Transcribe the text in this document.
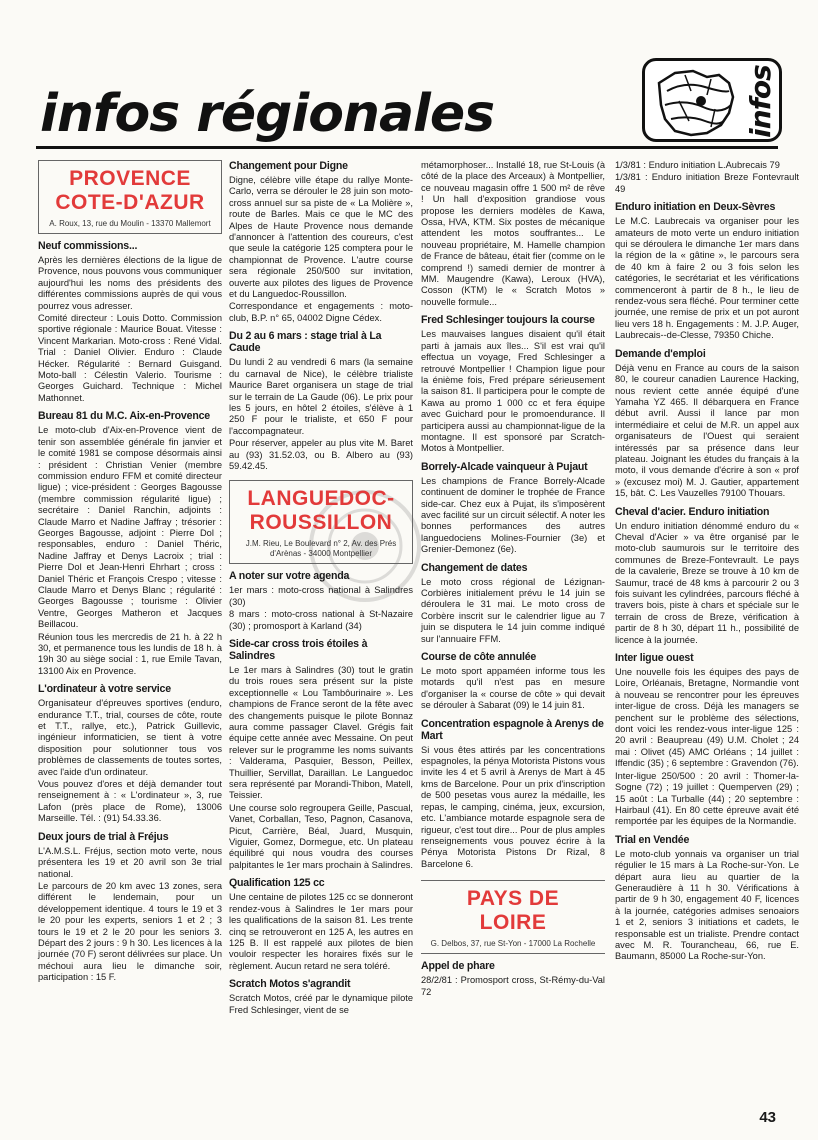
infos régionales	infos
PROVENCE
COTE-D'AZUR
A. Roux, 13, rue du Moulin - 13370 Mallemort
Neuf commissions...

Après les dernières élections de la ligue de Provence, nous pouvons vous communiquer aujourd'hui les noms des présidents des différentes commissions auprès de qui vous pourrez vous adresser.

Comité directeur : Louis Dotto. Commission sportive régionale : Maurice Bouat. Vitesse : Vincent Markarian. Moto-cross : René Vidal. Trial : Daniel Olivier. Enduro : Claude Hécker. Régularité : Bernard Guisgand. Moto-ball : Célestin Valerio. Tourisme : Georges Guichard. Technique : Michel Mathonnet.

Bureau 81 du M.C. Aix-en-Provence

Le moto-club d'Aix-en-Provence vient de tenir son assemblée générale fin janvier et le comité 1981 se compose désormais ainsi : président : Christian Venier (membre commission enduro FFM et comité directeur ligue) ; vice-président : Georges Bagousse (membre commission régularité ligue) ; secrétaire : Daniel Ranchin, adjoints : Claude Marro et Nadine Jaffray ; trésorier : Georges Bagousse, adjoint : Pierre Dol ; responsables, enduro : Daniel Théric, Nadine Jaffray et Denys Lacroix ; trial : Pierre Dol et Jean-Henri Ehrhart ; cross : Daniel Théric et François Crespo ; vitesse : Claude Marro et Denys Blanc ; régularité : Georges Bagousse ; tourisme : Olivier Ventre, Georges Matheron et Jacques Beillacou.

Réunion tous les mercredis de 21 h. à 22 h 30, et permanence tous les lundis de 18 h. à 19h 30 au siège social : 1, rue Emile Tavan, 13100 Aix en Provence.

L'ordinateur à votre service

Organisateur d'épreuves sportives (enduro, endurance T.T., trial, courses de côte, route et T.T., rallye, etc.), Patrick Guillevic, ingénieur informaticien, se tient à votre disposition pour solutionner tous vos problèmes de classements de toutes sortes, avec l'aide d'un ordinateur.

Vous pouvez d'ores et déjà demander tout renseignement à : « L'ordinateur », 3, rue Lafon (près place de Rome), 13006 Marseille. Tél. : (91) 54.33.36.

Deux jours de trial à Fréjus

L'A.M.S.L. Fréjus, section moto verte, nous présentera les 19 et 20 avril son 3e trial national.

Le parcours de 20 km avec 13 zones, sera différent le lendemain, pour un développement identique. 4 tours le 19 et 3 le 20 pour les experts, seniors 1 et 2 ; 3 tours le 19 et 2 le 20 pour les seniors 3. Départ des 2 jours : 9 h 30. Les licences à la journée (70 F) seront délivrées sur place. Un méchoui aura lieu le dimanche soir, participation : 15 F.

Changement pour Digne

Digne, célèbre ville étape du rallye Monte-Carlo, verra se dérouler le 28 juin son moto-cross annuel sur sa piste de « La Molière », route de Barles. Mais ce que le MC des Alpes de Haute Provence nous demande d'annoncer à l'attention des coureurs, c'est que seule la catégorie 125 comptera pour le championnat de Provence. L'autre course sera régionale 250/500 sur invitation, ouverte aux pilotes des ligues de Provence et du Languedoc-Roussillon.

Correspondance et engagements : moto-club, B.P. n° 65, 04002 Digne Cédex.

Du 2 au 6 mars : stage trial à La Caude

Du lundi 2 au vendredi 6 mars (la semaine du carnaval de Nice), le célèbre trialiste Maurice Baret organisera un stage de trial sur le terrain de La Gaude (06). Le prix pour les 5 jours, en hôtel 2 étoiles, s'élève à 1 250 F pour le trialiste, et 650 F pour l'accompagnateur.

Pour réserver, appeler au plus vite M. Baret au (93) 31.52.03, ou B. Albero au (93) 59.42.45.

LANGUEDOC-
ROUSSILLON
J.M. Rieu, Le Boulevard n° 2, Av. des Prés d'Arènas - 34000 Montpellier
A noter sur votre agenda

1er mars : moto-cross national à Salindres (30)

8 mars : moto-cross national à St-Nazaire (30) ; promosport à Karland (34)

Side-car cross trois étoiles à Salindres

Le 1er mars à Salindres (30) tout le gratin du trois roues sera présent sur la piste exceptionnelle « Lou Tambôurinaire ». Les champions de France seront de la fête avec des changements puisque le pilote Bonnaz aura comme passager Clavel. Grégis fait équipe cette année avec Messaine. On peut relever sur le programme les noms suivants : Valderama, Pasquier, Besson, Peillex, Thuillier, Servillat, Daraillan. Le Languedoc sera représenté par Morandi-Thibon, Matell, Teissier.

Une course solo regroupera Geille, Pascual, Vanet, Corballan, Teso, Pagnon, Casanova, Picut, Carrière, Béal, Juard, Musquin, Viguier, Gomez, Dormegue, etc. Un plateau équilibré qui nous voudra des courses palpitantes le 1er mars prochain à Salindres.

Qualification 125 cc

Une centaine de pilotes 125 cc se donneront rendez-vous à Salindres le 1er mars pour les qualifications de la saison 81. Les trente cinq se retrouveront en 125 A, les autres en 125 B. Il est rappelé aux pilotes de bien vouloir respecter les horaires fixés sur le règlement. Aucun retard ne sera toléré.

Scratch Motos s'agrandit

Scratch Motos, créé par le dynamique pilote Fred Schlesinger, vient de se

métamorphoser... Installé 18, rue St-Louis (à côté de la place des Arceaux) à Montpellier, ce nouveau magasin offre 1 500 m² de rêve ! Un hall d'exposition grandiose vous propose les derniers modèles de Kawa, Ossa, HVA, KTM. Six postes de mécanique attendent les motos souffrantes... Le nouveau propriétaire, M. Hamelle champion de France de bâteau, était fier (comme on le comprend !) samedi dernier de montrer à MM. Maugendre (Kawa), Leroux (HVA), Cosson (KTM) le « Scratch Motos » nouvelle formule...

Fred Schlesinger toujours la course

Les mauvaises langues disaient qu'il était parti à jamais aux îles... S'il est vrai qu'il effectua un voyage, Fred Schlesinger a retrouvé Montpellier ! Champion ligue pour la énième fois, Fred prépare sérieusement la saison 81. Il participera pour le compte de Kawa au promo 1 000 cc et fera équipe avec Guichard pour le promoendurance. Il participera aussi au championnat-ligue de la montagne. Il est sponsoré par Scratch-Motos à Montpellier.

Borrely-Alcade vainqueur à Pujaut

Les champions de France Borrely-Alcade continuent de dominer le trophée de France side-car. Chez eux à Pujat, ils s'imposèrent avec facilité sur un circuit sélectif. A noter les bonnes performances des autres languedociens Molines-Fournier (3e) et Grenier-Demonez (6e).

Changement de dates

Le moto cross régional de Lézignan-Corbières initialement prévu le 14 juin se déroulera le 31 mai. Le moto cross de Corbère inscrit sur le calendrier ligue au 7 juin se disputera le 14 juin comme indiqué sur l'annuaire FFM.

Course de côte annulée

Le moto sport appaméen informe tous les motards qu'il n'est pas en mesure d'organiser la « course de côte » qui devait se dérouler à Sabarat (09) le 14 juin 81.

Concentration espagnole à Arenys de Mart

Si vous êtes attirés par les concentrations espagnoles, la pénya Motorista Pistons vous invite les 4 et 5 avril à Arenys de Mart à 45 kms de Barcelone. Pour un prix d'inscription de 500 pesetas vous aurez la médaille, les repas, le camping, cinéma, jeux, excursion, etc. L'ambiance motarde espagnole sera de rigueur, c'est tout dire... Pour de plus amples renseignements vous pouvez écrire à la Pénya Motorista Pistons Dr Rizal, 8 Barcelone 6.

PAYS DE
LOIRE
G. Delbos, 37, rue St-Yon - 17000 La Rochelle
Appel de phare

28/2/81 : Promosport cross, St-Rémy-du-Val 72

1/3/81 : Enduro initiation L.Aubrecais 79

1/3/81 : Enduro initiation Breze Fontevrault 49

Enduro initiation en Deux-Sèvres

Le M.C. Laubrecais va organiser pour les amateurs de moto verte un enduro initiation qui se déroulera le dimanche 1er mars dans la région de la « gâtine », le parcours sera de 40 km à faire 2 ou 3 fois selon les catégories, le secrétariat et les vérifications commenceront à partir de 8 h., le lieu de rendez-vous sera fléché. Pour terminer cette journée, une remise de prix et un pot auront lieu vers 18 h. Engagements : M. J.P. Auger, Laubrecais--de-Clesse, 79350 Chiche.

Demande d'emploi

Déjà venu en France au cours de la saison 80, le coureur canadien Laurence Hacking, nous revient cette année équipé d'une Yamaha YZ 465. Il débarquera en France début avril. Aussi il lance par mon intermédiaire et celui de M.R. un appel aux organisateurs de l'Ouest qui seraient intéressés par sa présence dans leur plateau. Joignant les études du français à la moto, il vous demande d'écrire à son « prof » (excusez moi) M. J. Gautier, appartement 15, bât. C. Les Vauzelles 79100 Thouars.

Cheval d'acier. Enduro initiation

Un enduro initiation dénommé enduro du « Cheval d'Acier » va être organisé par le moto-club saumurois sur le territoire des communes de Breze-Fontevrault. Le pays de la cavalerie, Breze se trouve à 10 km de Saumur, tracé de 48 kms à parcourir 2 ou 3 fois suivant les cylindrées, parcours fléché à travers bois, piste à chars et spéciale sur le terrain de cross de Breze, vérification à partir de 8 h 30, départ 11 h., possibilité de licence à la journée.

Inter ligue ouest

Une nouvelle fois les équipes des pays de Loire, Orléanais, Bretagne, Normandie vont à nouveau se rencontrer pour les épreuves inter-ligue de cross. Déjà les managers se penchent sur le problème des sélections, dont voici les rendez-vous inter-ligue 125 : 20 avril : Beaupreau (49) U.M. Cholet ; 24 mai : Olivet (45) AMC Orléans ; 14 juillet : Iffendic (35) ; 6 septembre : Gravendon (76).

Inter-ligue 250/500 : 20 avril : Thomer-la-Sogne (72) ; 19 juillet : Quemperven (29) ; 15 août : La Turballe (44) ; 20 septembre : Hairbaul (41). En 80 cette épreuve avait été remportée par les équipes de la Normandie.

Trial en Vendée

Le moto-club yonnais va organiser un trial régulier le 15 mars à La Roche-sur-Yon. Le départ aura lieu au quartier de la Generaudière à 11 h 30. Vérifications à partir de 9 h 30, engagement 40 F, licences à la journée, catégories admises senoaiors 1 et 2, seniors 3 initiations et cadets, le responsable est un trialiste. Prendre contact avec M. R. Tourancheau, 66, rue E. Baumann, 85000 La Roche-sur-Yon.

43
